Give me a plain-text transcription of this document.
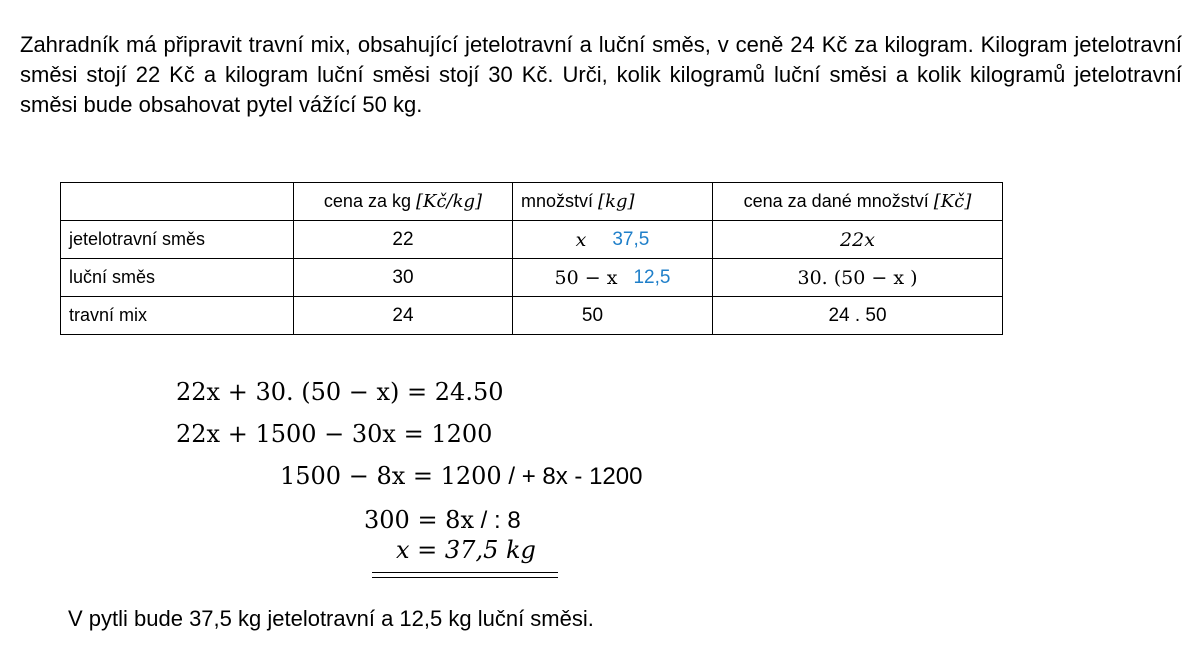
Zahradník má připravit travní mix, obsahující jetelotravní a luční směs, v ceně 24 Kč za kilogram. Kilogram jetelotravní směsi stojí 22 Kč a kilogram luční směsi stojí 30 Kč. Urči, kolik kilogramů luční směsi a kolik kilogramů jetelotravní směsi bude obsahovat pytel vážící 50 kg.
	cena za kg [Kč/kg]	množství [kg]	cena za dané množství [Kč]
jetelotravní směs	22	x 37,5	22x
luční směs	30	50 − x 12,5	30. (50 − x )
travní mix	24	50	24 . 50
22x + 30. (50 − x) = 24.50
22x + 1500 − 30x = 1200
1500 − 8x = 1200 / + 8x - 1200
300 = 8x / : 8
x = 37,5 kg
V pytli bude 37,5 kg jetelotravní a 12,5 kg luční směsi.
